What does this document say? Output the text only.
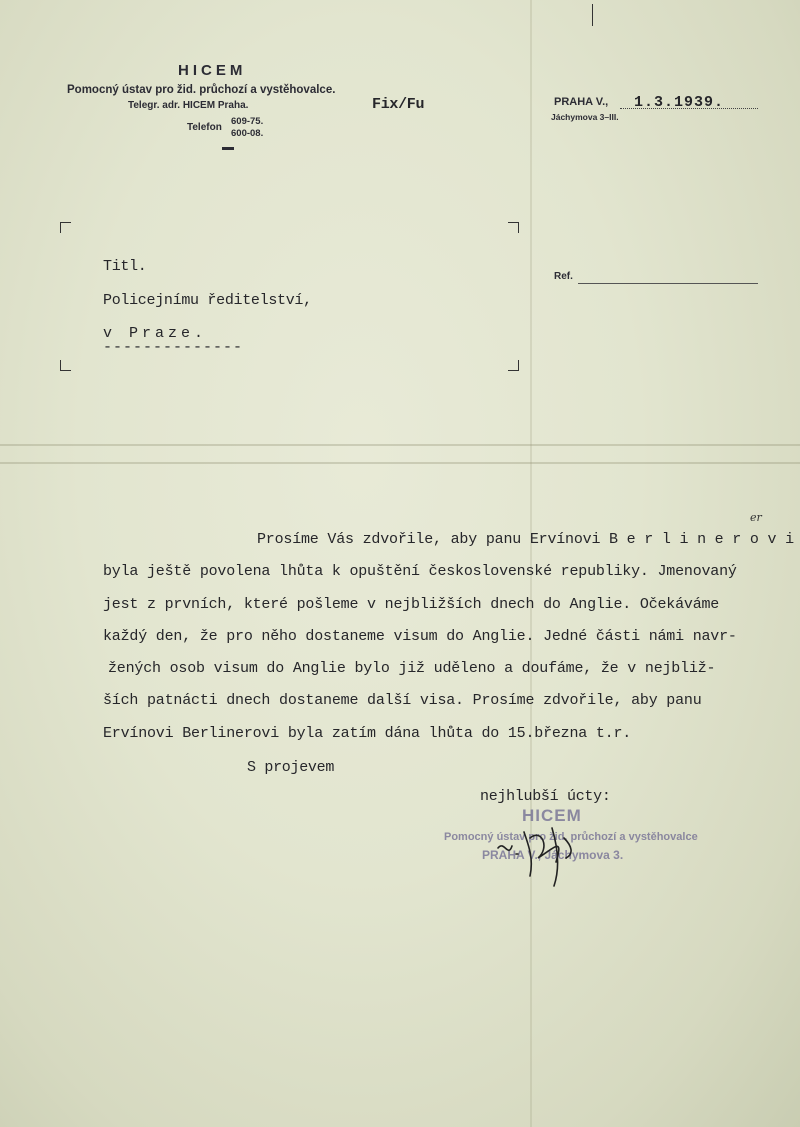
HICEM
Pomocný ústav pro žid. průchozí a vystěhovalce.
Telegr. adr. HICEM Praha.
Telefon
609-75.
600-08.
Fix/Fu	PRAHA V., 1.3.1939.
Jáchymova 3–III.
Ref.
Titl.
Policejnímu ředitelství,
v Praze.
--------------
Prosíme Vás zdvořile, aby panu Ervínovi B e r l i n e r o v i
byla ještě povolena lhůta k opuštění československé republiky. Jmenovaný
jest z prvních, které pošleme v nejbližších dnech do Anglie. Očekáváme
každý den, že pro něho dostaneme visum do Anglie. Jedné části námi navr-
žených osob visum do Anglie bylo již uděleno a doufáme, že v nejbliž-
ších patnácti dnech dostaneme další visa. Prosíme zdvořile, aby panu
Ervínovi Berlinerovi byla zatím dána lhůta do 15.března t.r.
er
S projevem
nejhlubší úcty:
HICEM
Pomocný ústav pro žid. průchozí a vystěhovalce
PRAHA V., Jáchymova 3.
